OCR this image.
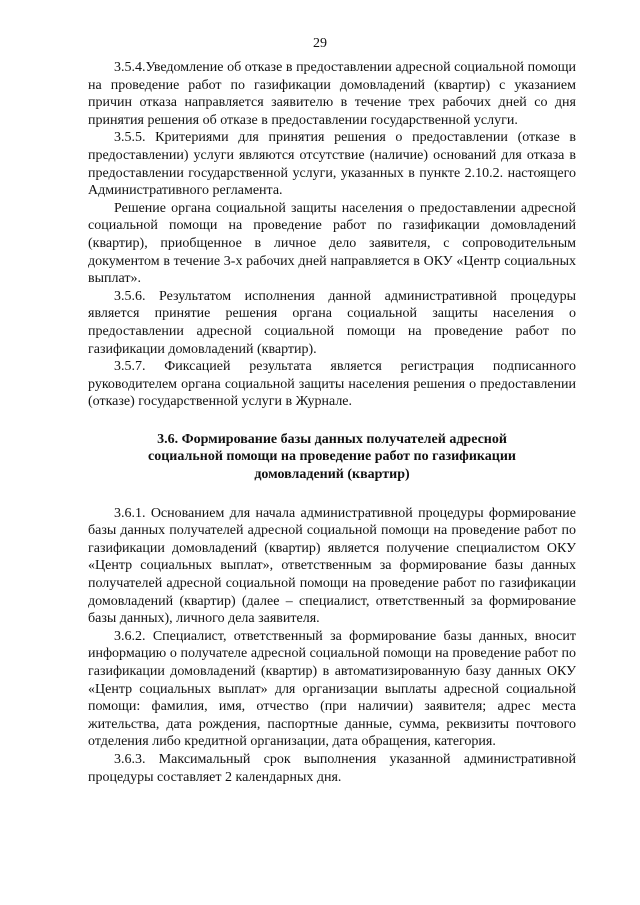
29

3.5.4.Уведомление об отказе в предоставлении адресной социальной помощи на проведение работ по газификации домовладений (квартир) с указанием причин отказа направляется заявителю в течение трех рабочих дней со дня принятия решения об отказе в предоставлении государственной услуги.

3.5.5. Критериями для принятия решения о предоставлении (отказе в предоставлении) услуги являются отсутствие (наличие) оснований для отказа в предоставлении государственной услуги, указанных в пункте 2.10.2. настоящего Административного регламента.

Решение органа социальной защиты населения о предоставлении адресной социальной помощи на проведение работ по газификации домовладений (квартир), приобщенное в личное дело заявителя, с сопроводительным документом в течение 3-х рабочих дней направляется в ОКУ «Центр социальных выплат».

3.5.6. Результатом исполнения данной административной процедуры является принятие решения органа социальной защиты населения о предоставлении адресной социальной помощи на проведение работ по газификации домовладений (квартир).

3.5.7. Фиксацией результата является регистрация подписанного руководителем органа социальной защиты населения решения о предоставлении (отказе) государственной услуги в Журнале.

3.6. Формирование базы данных получателей адресной
социальной помощи на проведение работ по газификации
домовладений (квартир)

3.6.1. Основанием для начала административной процедуры формирование базы данных получателей адресной социальной помощи на проведение работ по газификации домовладений (квартир) является получение специалистом ОКУ «Центр социальных выплат», ответственным за формирование базы данных получателей адресной социальной помощи на проведение работ по газификации домовладений (квартир) (далее – специалист, ответственный за формирование базы данных), личного дела заявителя.

3.6.2. Специалист, ответственный за формирование базы данных, вносит информацию о получателе адресной социальной помощи на проведение работ по газификации домовладений (квартир) в автоматизированную базу данных ОКУ «Центр социальных выплат» для организации выплаты адресной социальной помощи: фамилия, имя, отчество (при наличии) заявителя; адрес места жительства, дата рождения, паспортные данные, сумма, реквизиты почтового отделения либо кредитной организации, дата обращения, категория.

3.6.3. Максимальный срок выполнения указанной административной процедуры составляет 2 календарных дня.
